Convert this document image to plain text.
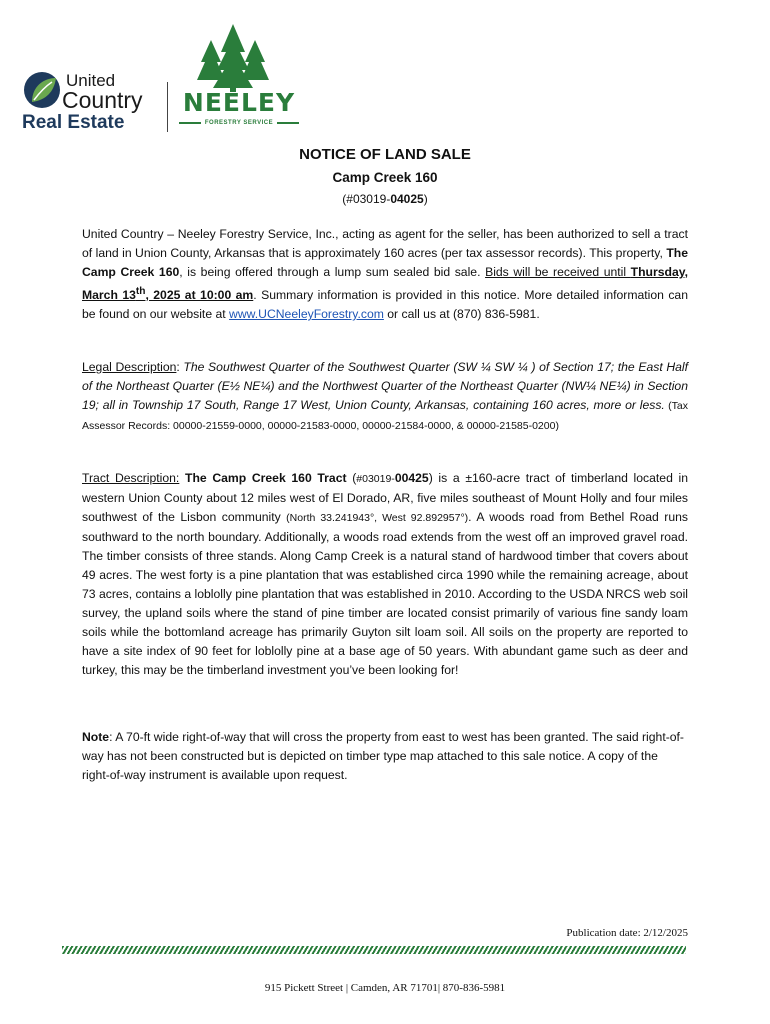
United
Country
Real Estate
NEELEY
FORESTRY SERVICE
NOTICE OF LAND SALE
Camp Creek 160
(#03019-04025)
United Country – Neeley Forestry Service, Inc., acting as agent for the seller, has been authorized to sell a tract of land in Union County, Arkansas that is approximately 160 acres (per tax assessor records). This property, The Camp Creek 160, is being offered through a lump sum sealed bid sale. Bids will be received until Thursday, March 13th, 2025 at 10:00 am. Summary information is provided in this notice. More detailed information can be found on our website at www.UCNeeleyForestry.com or call us at (870) 836-5981.
Legal Description: The Southwest Quarter of the Southwest Quarter (SW ¼ SW ¼ ) of Section 17; the East Half of the Northeast Quarter (E½ NE¼) and the Northwest Quarter of the Northeast Quarter (NW¼ NE¼) in Section 19; all in Township 17 South, Range 17 West, Union County, Arkansas, containing 160 acres, more or less. (Tax Assessor Records: 00000-21559-0000, 00000-21583-0000, 00000-21584-0000, & 00000-21585-0200)
Tract Description: The Camp Creek 160 Tract (#03019-00425) is a ±160-acre tract of timberland located in western Union County about 12 miles west of El Dorado, AR, five miles southeast of Mount Holly and four miles southwest of the Lisbon community (North 33.241943°, West 92.892957°). A woods road from Bethel Road runs southward to the north boundary. Additionally, a woods road extends from the west off an improved gravel road. The timber consists of three stands. Along Camp Creek is a natural stand of hardwood timber that covers about 49 acres. The west forty is a pine plantation that was established circa 1990 while the remaining acreage, about 73 acres, contains a loblolly pine plantation that was established in 2010. According to the USDA NRCS web soil survey, the upland soils where the stand of pine timber are located consist primarily of various fine sandy loam soils while the bottomland acreage has primarily Guyton silt loam soil. All soils on the property are reported to have a site index of 90 feet for loblolly pine at a base age of 50 years. With abundant game such as deer and turkey, this may be the timberland investment you’ve been looking for!
Note: A 70-ft wide right-of-way that will cross the property from east to west has been granted. The said right-of-way has not been constructed but is depicted on timber type map attached to this sale notice. A copy of the right-of-way instrument is available upon request.
Publication date: 2/12/2025
915 Pickett Street | Camden, AR 71701| 870-836-5981
